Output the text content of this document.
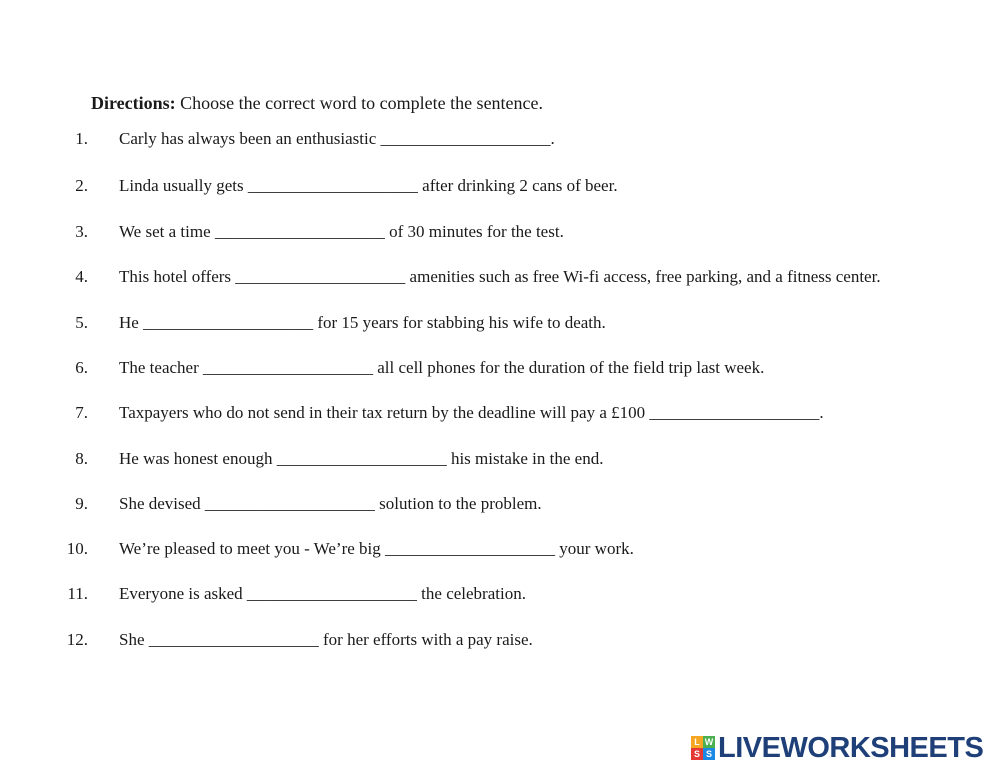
Directions: Choose the correct word to complete the sentence.
1. Carly has always been an enthusiastic ____________________.
2. Linda usually gets ____________________ after drinking 2 cans of beer.
3. We set a time ____________________ of 30 minutes for the test.
4. This hotel offers ____________________ amenities such as free Wi-fi access, free parking, and a fitness center.
5. He ____________________ for 15 years for stabbing his wife to death.
6. The teacher ____________________ all cell phones for the duration of the field trip last week.
7. Taxpayers who do not send in their tax return by the deadline will pay a £100 ____________________.
8. He was honest enough ____________________ his mistake in the end.
9. She devised ____________________ solution to the problem.
10. We’re pleased to meet you - We’re big ____________________ your work.
11. Everyone is asked ____________________ the celebration.
12. She ____________________ for her efforts with a pay raise.
L W
S S LIVEWORKSHEETS
